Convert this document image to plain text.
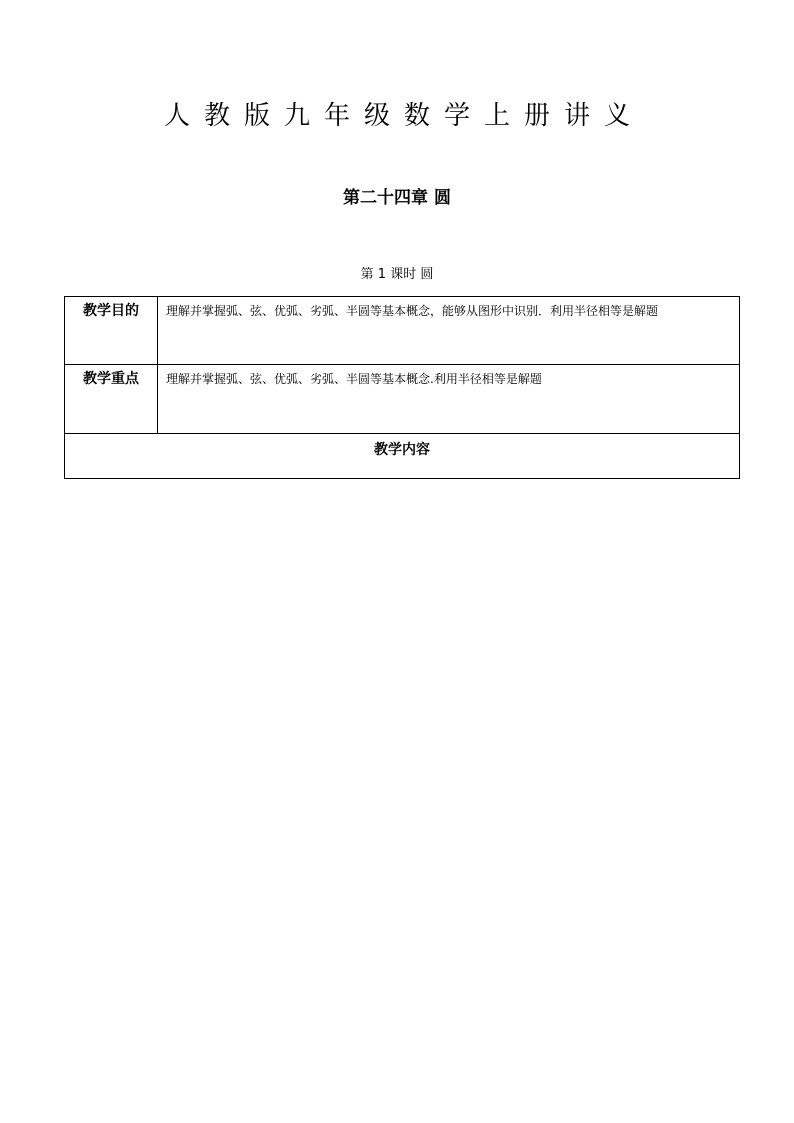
人教版九年级数学上册讲义
第二十四章 圆
第 1 课时 圆
教学目的	理解并掌握弧、弦、优弧、劣弧、半圆等基本概念，能够从图形中识别．利用半径相等是解题
教学重点	理解并掌握弧、弦、优弧、劣弧、半圆等基本概念.利用半径相等是解题
教学内容	
